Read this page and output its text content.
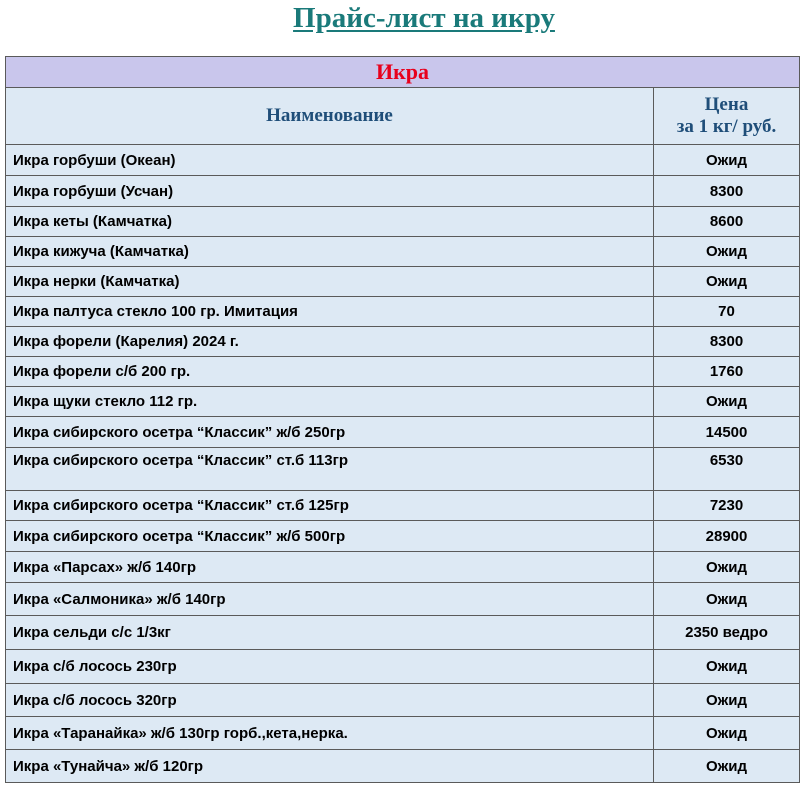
Прайс-лист на икру
Икра	
Наименование	Цена
за 1 кг/ руб.

Икра горбуши (Океан)	Ожид
Икра горбуши (Усчан)	8300
Икра кеты (Камчатка)	8600
Икра кижуча (Камчатка)	Ожид
Икра нерки (Камчатка)	Ожид
Икра палтуса стекло 100 гр. Имитация	70
Икра форели (Карелия) 2024 г.	8300
Икра форели с/б 200 гр.	1760
Икра щуки стекло 112 гр.	Ожид
Икра сибирского осетра “Классик” ж/б 250гр	14500
Икра сибирского осетра “Классик” ст.б 113гр	6530
Икра сибирского осетра “Классик” ст.б 125гр	7230
Икра сибирского осетра “Классик” ж/б 500гр	28900
Икра «Парсах» ж/б 140гр	Ожид
Икра «Салмоника» ж/б 140гр	Ожид
Икра сельди с/с 1/3кг	2350 ведро
Икра с/б лосось 230гр	Ожид
Икра с/б лосось 320гр	Ожид
Икра «Таранайка» ж/б 130гр горб.,кета,нерка.	Ожид
Икра «Тунайча» ж/б 120гр	Ожид
